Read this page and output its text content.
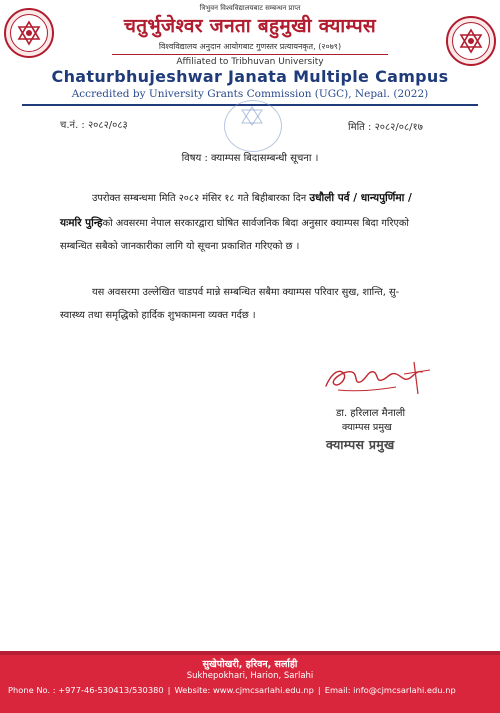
त्रिभुवन विश्वविद्यालयबाट सम्बन्धन प्राप्त
चतुर्भुजेश्वर जनता बहुमुखी क्याम्पस
विश्वविद्यालय अनुदान आयोगबाट गुणस्तर प्रत्यायनकृत, (२०७९)
Affiliated to Tribhuvan University
Chaturbhujeshwar Janata Multiple Campus
Accredited by University Grants Commission (UGC), Nepal. (2022)
च.नं. : २०८२/०८३	मिति : २०८२/०८/१७
विषय : क्याम्पस बिदासम्बन्धी सूचना ।
उपरोक्त सम्बन्धमा मिति २०८२ मंसिर १८ गते बिहीबारका दिन उधौली पर्व / धान्यपुर्णिमा /
यःमरि पुन्हिको अवसरमा नेपाल सरकारद्वारा घोषित सार्वजनिक बिदा अनुसार क्याम्पस बिदा गरिएको
सम्बन्धित सबैको जानकारीका लागि यो सूचना प्रकाशित गरिएको छ ।
यस अवसरमा उल्लेखित चाडपर्व मान्ने सम्बन्धित सबैमा क्याम्पस परिवार सुख, शान्ति, सु-
स्वास्थ्य तथा समृद्धिको हार्दिक शुभकामना व्यक्त गर्दछ ।
डा. हरिलाल मैनाली
क्याम्पस प्रमुख
क्याम्पस प्रमुख
सुखेपोखरी, हरिवन, सर्लाही
Sukhepokhari, Harion, Sarlahi
Phone No. : +977-46-530413/530380 | Website: www.cjmcsarlahi.edu.np | Email: info@cjmcsarlahi.edu.np
